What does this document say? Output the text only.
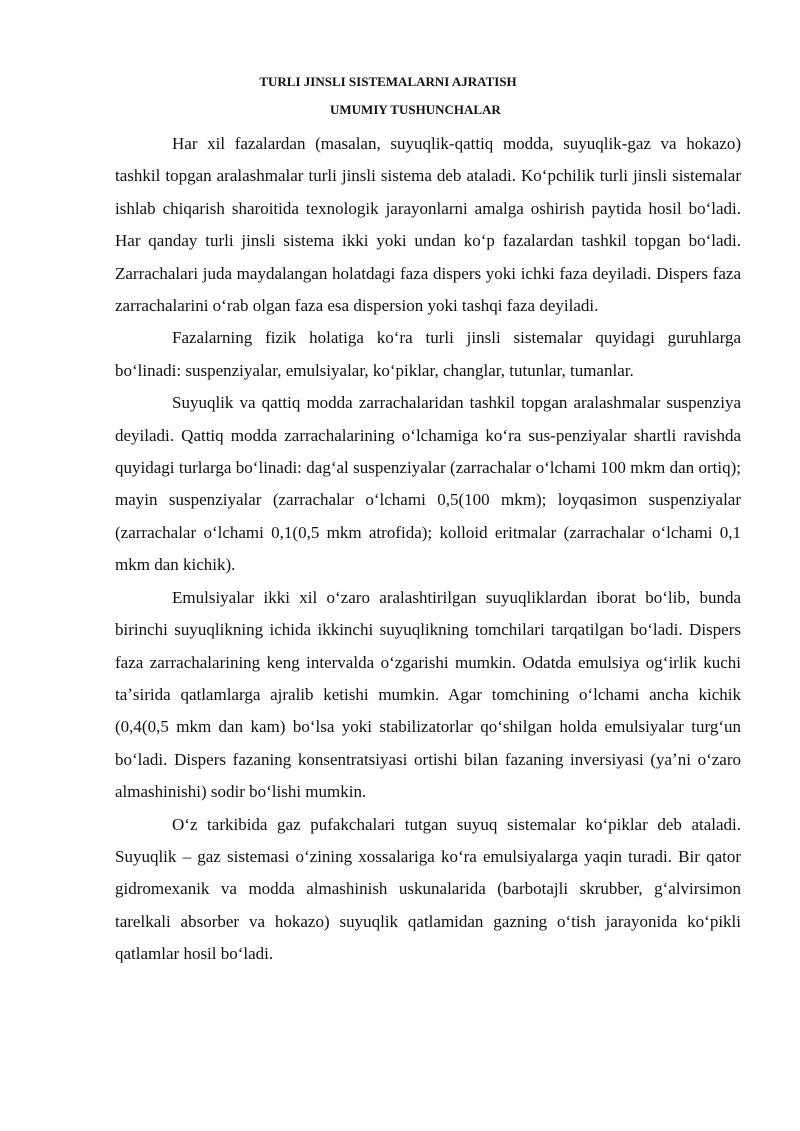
TURLI JINSLI SISTEMALARNI AJRATISH
UMUMIY TUSHUNCHALAR

Har xil fazalardan (masalan, suyuqlik-qattiq modda, suyuqlik-gaz va hokazo) tashkil topgan aralashmalar turli jinsli sistema deb ataladi. Koʻpchilik turli jinsli sistemalar ishlab chiqarish sharoitida texnologik jarayonlarni amalga oshirish paytida hosil boʻladi. Har qanday turli jinsli sistema ikki yoki undan koʻp fazalardan tashkil topgan boʻladi. Zarrachalari juda maydalangan holatdagi faza dispers yoki ichki faza deyiladi. Dispers faza zarrachalarini oʻrab olgan faza esa dispersion yoki tashqi faza deyiladi.

Fazalarning fizik holatiga koʻra turli jinsli sistemalar quyidagi guruhlarga boʻlinadi: suspenziyalar, emulsiyalar, koʻpiklar, changlar, tutunlar, tumanlar.

Suyuqlik va qattiq modda zarrachalaridan tashkil topgan aralashmalar suspenziya deyiladi. Qattiq modda zarrachalarining oʻlchamiga koʻra sus-penziyalar shartli ravishda quyidagi turlarga boʻlinadi: dagʻal suspenziyalar (zarrachalar oʻlchami 100 mkm dan ortiq); mayin suspenziyalar (zarrachalar oʻlchami 0,5(100 mkm); loyqasimon suspenziyalar (zarrachalar oʻlchami 0,1(0,5 mkm atrofida); kolloid eritmalar (zarrachalar oʻlchami 0,1 mkm dan kichik).

Emulsiyalar ikki xil oʻzaro aralashtirilgan suyuqliklardan iborat boʻlib, bunda birinchi suyuqlikning ichida ikkinchi suyuqlikning tomchilari tarqatilgan boʻladi. Dispers faza zarrachalarining keng intervalda oʻzgarishi mumkin. Odatda emulsiya ogʻirlik kuchi taʼsirida qatlamlarga ajralib ketishi mumkin. Agar tomchining oʻlchami ancha kichik (0,4(0,5 mkm dan kam) boʻlsa yoki stabilizatorlar qoʻshilgan holda emulsiyalar turgʻun boʻladi. Dispers fazaning konsentratsiyasi ortishi bilan fazaning inversiyasi (yaʼni oʻzaro almashinishi) sodir boʻlishi mumkin.

Oʻz tarkibida gaz pufakchalari tutgan suyuq sistemalar koʻpiklar deb ataladi. Suyuqlik – gaz sistemasi oʻzining xossalariga koʻra emulsiyalarga yaqin turadi. Bir qator gidromexanik va modda almashinish uskunalarida (barbotajli skrubber, gʻalvirsimon tarelkali absorber va hokazo) suyuqlik qatlamidan gazning oʻtish jarayonida koʻpikli qatlamlar hosil boʻladi.
